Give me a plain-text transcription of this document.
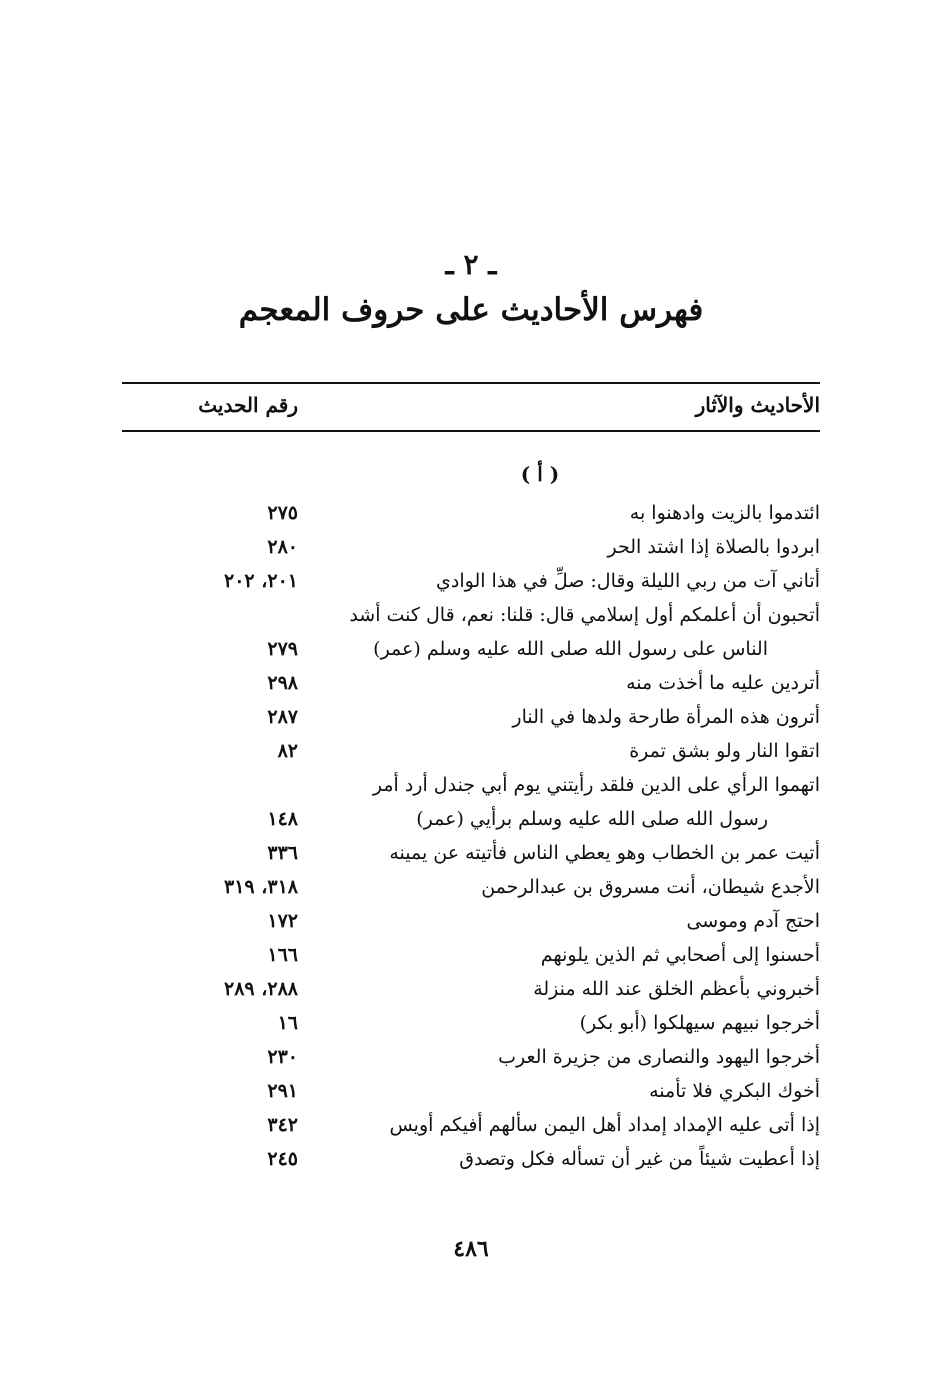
ـ ٢ ـ
فهرس الأحاديث على حروف المعجم
الأحاديث والآثار
رقم الحديث
( أ )
ائتدموا بالزيت وادهنوا به
٢٧٥
ابردوا بالصلاة إذا اشتد الحر
٢٨٠
أتاني آت من ربي الليلة وقال: صلِّ في هذا الوادي
٢٠١، ٢٠٢
أتحبون أن أعلمكم أول إسلامي قال: قلنا: نعم، قال كنت أشد
الناس على رسول الله صلى الله عليه وسلم (عمر)
٢٧٩
أتردين عليه ما أخذت منه
٢٩٨
أترون هذه المرأة طارحة ولدها في النار
٢٨٧
اتقوا النار ولو بشق تمرة
٨٢
اتهموا الرأي على الدين فلقد رأيتني يوم أبي جندل أرد أمر
رسول الله صلى الله عليه وسلم برأيي (عمر)
١٤٨
أتيت عمر بن الخطاب وهو يعطي الناس فأتيته عن يمينه
٣٣٦
الأجدع شيطان، أنت مسروق بن عبدالرحمن
٣١٨، ٣١٩
احتج آدم وموسى
١٧٢
أحسنوا إلى أصحابي ثم الذين يلونهم
١٦٦
أخبروني بأعظم الخلق عند الله منزلة
٢٨٨، ٢٨٩
أخرجوا نبيهم سيهلكوا (أبو بكر)
١٦
أخرجوا اليهود والنصارى من جزيرة العرب
٢٣٠
أخوك البكري فلا تأمنه
٢٩١
إذا أتى عليه الإمداد إمداد أهل اليمن سألهم أفيكم أويس
٣٤٢
إذا أعطيت شيئاً من غير أن تسأله فكل وتصدق
٢٤٥
٤٨٦
